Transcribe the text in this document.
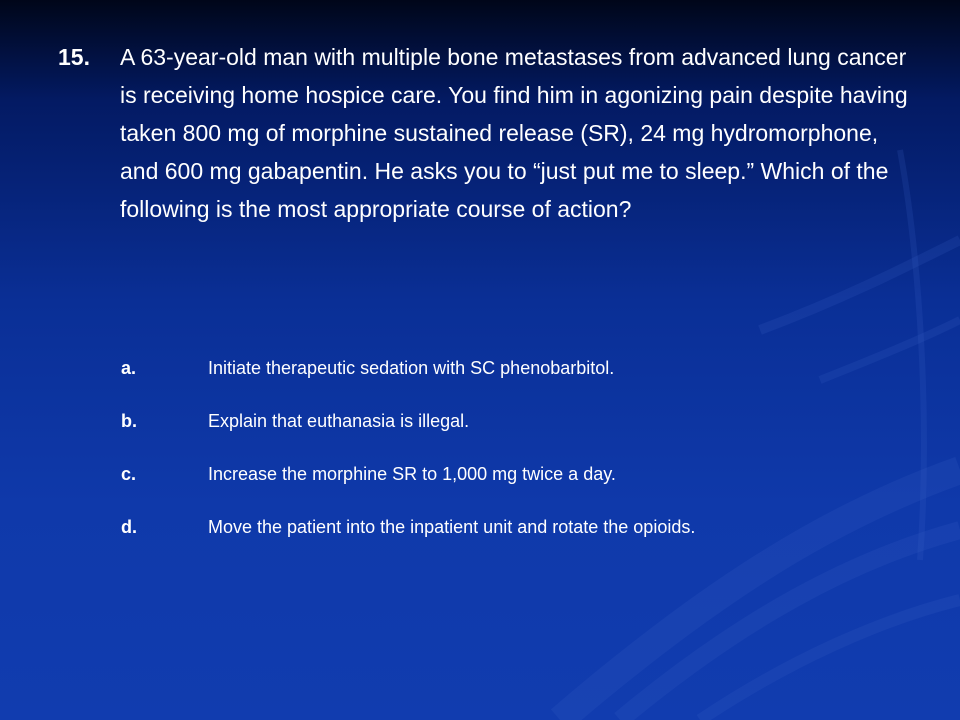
15.	A 63-year-old man with multiple bone metastases from advanced lung cancer is receiving home hospice care. You find him in agonizing pain despite having taken 800 mg of morphine sustained release (SR), 24 mg hydromorphone, and 600 mg gabapentin. He asks you to “just put me to sleep.” Which of the following is the most appropriate course of action?
a.	Initiate therapeutic sedation with SC phenobarbitol.
b.	Explain that euthanasia is illegal.
c.	Increase the morphine SR to 1,000 mg twice a day.
d.	Move the patient into the inpatient unit and rotate the opioids.
